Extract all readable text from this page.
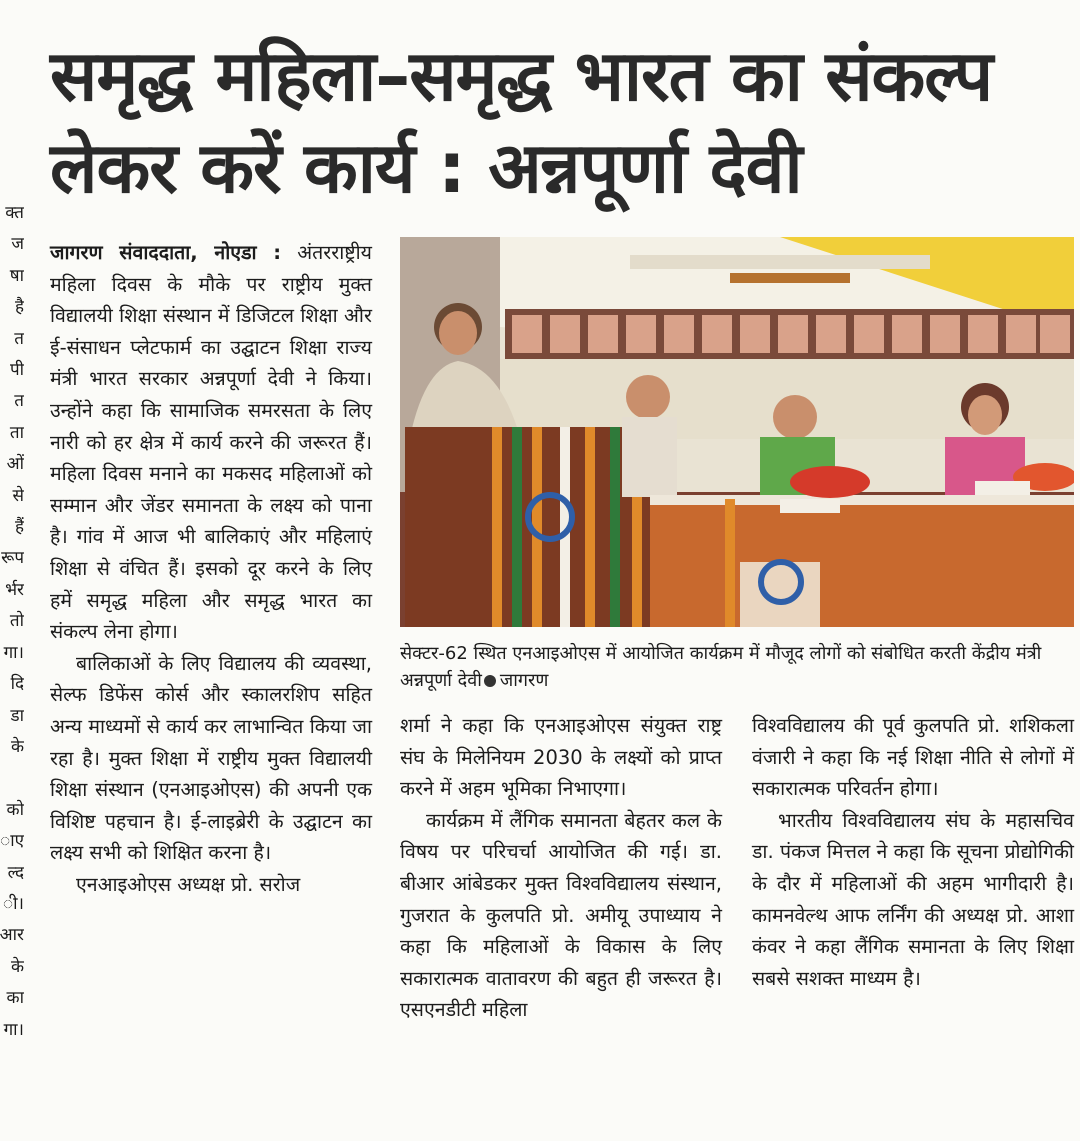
समृद्ध महिला–समृद्ध भारत का संकल्प
लेकर करें कार्य : अन्नपूर्णा देवी
क्त
ज
षा
है
त
पी
त
ता
ओं
से
हैं
रूप
र्भर
तो
गा।
दि
डा
के

को
ाए
ल्द
ी।
आर
के
का
गा।

जागरण संवाददाता, नोएडा : अंतरराष्ट्रीय महिला दिवस के मौके पर राष्ट्रीय मुक्त विद्यालयी शिक्षा संस्थान में डिजिटल शिक्षा और ई-संसाधन प्लेटफार्म का उद्घाटन शिक्षा राज्य मंत्री भारत सरकार अन्नपूर्णा देवी ने किया। उन्होंने कहा कि सामाजिक समरसता के लिए नारी को हर क्षेत्र में कार्य करने की जरूरत हैं। महिला दिवस मनाने का मकसद महिलाओं को सम्मान और जेंडर समानता के लक्ष्य को पाना है। गांव में आज भी बालिकाएं और महिलाएं शिक्षा से वंचित हैं। इसको दूर करने के लिए हमें समृद्ध महिला और समृद्ध भारत का संकल्प लेना होगा।

बालिकाओं के लिए विद्यालय की व्यवस्था, सेल्फ डिफेंस कोर्स और स्कालरशिप सहित अन्य माध्यमों से कार्य कर लाभान्वित किया जा रहा है। मुक्त शिक्षा में राष्ट्रीय मुक्त विद्यालयी शिक्षा संस्थान (एनआइओएस) की अपनी एक विशिष्ट पहचान है। ई-लाइब्रेरी के उद्घाटन का लक्ष्य सभी को शिक्षित करना है।

एनआइओएस अध्यक्ष प्रो. सरोज

सेक्टर-62 स्थित एनआइओएस में आयोजित कार्यक्रम में मौजूद लोगों को संबोधित करती केंद्रीय मंत्री अन्नपूर्णा देवी जागरण

शर्मा ने कहा कि एनआइओएस संयुक्त राष्ट्र संघ के मिलेनियम 2030 के लक्ष्यों को प्राप्त करने में अहम भूमिका निभाएगा।

कार्यक्रम में लैंगिक समानता बेहतर कल के विषय पर परिचर्चा आयोजित की गई। डा. बीआर आंबेडकर मुक्त विश्वविद्यालय संस्थान, गुजरात के कुलपति प्रो. अमीयू उपाध्याय ने कहा कि महिलाओं के विकास के लिए सकारात्मक वातावरण की बहुत ही जरूरत है। एसएनडीटी महिला

विश्वविद्यालय की पूर्व कुलपति प्रो. शशिकला वंजारी ने कहा कि नई शिक्षा नीति से लोगों में सकारात्मक परिवर्तन होगा।

भारतीय विश्वविद्यालय संघ के महासचिव डा. पंकज मित्तल ने कहा कि सूचना प्रोद्योगिकी के दौर में महिलाओं की अहम भागीदारी है। कामनवेल्थ आफ लर्निंग की अध्यक्ष प्रो. आशा कंवर ने कहा लैंगिक समानता के लिए शिक्षा सबसे सशक्त माध्यम है।
